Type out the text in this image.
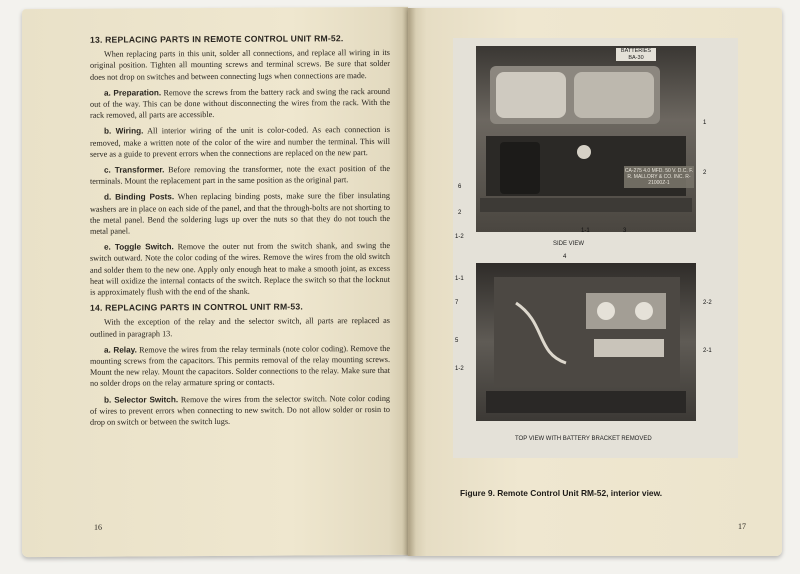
13. REPLACING PARTS IN REMOTE CONTROL UNIT RM-52.

When replacing parts in this unit, solder all connections, and replace all wiring in its original position. Tighten all mounting screws and terminal screws. Be sure that solder does not drop on switches and between connecting lugs when connections are made.

a. Preparation. Remove the screws from the battery rack and swing the rack around out of the way. This can be done without disconnecting the wires from the rack. With the rack removed, all parts are accessible.

b. Wiring. All interior wiring of the unit is color-coded. As each connection is removed, make a written note of the color of the wire and number the terminal. This will serve as a guide to prevent errors when the connections are replaced on the new part.

c. Transformer. Before removing the transformer, note the exact position of the terminals. Mount the replacement part in the same position as the original part.

d. Binding Posts. When replacing binding posts, make sure the fiber insulating washers are in place on each side of the panel, and that the through-bolts are not shorting to the metal panel. Bend the soldering lugs up over the nuts so that they do not touch the metal panel.

e. Toggle Switch. Remove the outer nut from the switch shank, and swing the switch outward. Note the color coding of the wires. Remove the wires from the old switch and solder them to the new one. Apply only enough heat to make a smooth joint, as excess heat will oxidize the internal contacts of the switch. Replace the switch so that the locknut is approximately flush with the end of the shank.

14. REPLACING PARTS IN CONTROL UNIT RM-53.

With the exception of the relay and the selector switch, all parts are replaced as outlined in paragraph 13.

a. Relay. Remove the wires from the relay terminals (note color coding). Remove the mounting screws from the capacitors. This permits removal of the relay mounting screws. Mount the new relay. Mount the capacitors. Solder connections to the relay. Make sure that no solder drops on the relay armature spring or contacts.

b. Selector Switch. Remove the wires from the selector switch. Note color coding of wires to prevent errors when connecting to new switch. Do not allow solder or rosin to drop on switch or between the switch lugs.

16
BATTERIES BA-30
CA-275 4.0 MFD. 50 V. D.C. F. R. MALLORY & CO. INC. R-21000Z-1
SIDE VIEW
TOP VIEW WITH BATTERY BRACKET REMOVED
1
2
3
1-1
1-2
6
2
4
1-1
7	2-2
5
1-2
2-1
Figure 9. Remote Control Unit RM-52, interior view.
17
